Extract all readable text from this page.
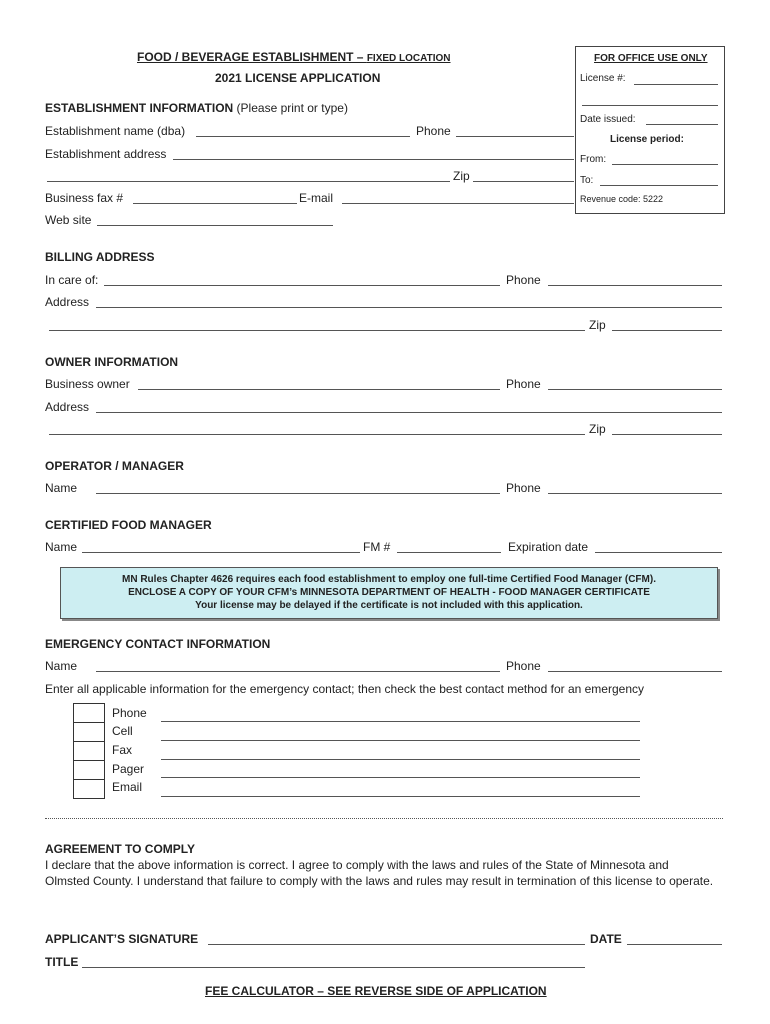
FOOD / BEVERAGE ESTABLISHMENT – FIXED LOCATION
2021 LICENSE APPLICATION
FOR OFFICE USE ONLY
License #:
Date issued:
License period:
From:
To:
Revenue code: 5222
ESTABLISHMENT INFORMATION (Please print or type)
Establishment name (dba)	Phone
Establishment address
Zip
Business fax #	E-mail
Web site
BILLING ADDRESS
In care of:	Phone
Address
Zip
OWNER INFORMATION
Business owner	Phone
Address
Zip
OPERATOR / MANAGER
Name	Phone
CERTIFIED FOOD MANAGER
Name	FM #	Expiration date
MN Rules Chapter 4626 requires each food establishment to employ one full-time Certified Food Manager (CFM).
ENCLOSE A COPY OF YOUR CFM’s MINNESOTA DEPARTMENT OF HEALTH - FOOD MANAGER CERTIFICATE
Your license may be delayed if the certificate is not included with this application.
EMERGENCY CONTACT INFORMATION
Name	Phone
Enter all applicable information for the emergency contact; then check the best contact method for an emergency
Phone
Cell
Fax
Pager
Email
AGREEMENT TO COMPLY
I declare that the above information is correct. I agree to comply with the laws and rules of the State of Minnesota and Olmsted County. I understand that failure to comply with the laws and rules may result in termination of this license to operate.
APPLICANT’S SIGNATURE	DATE
TITLE
FEE CALCULATOR – SEE REVERSE SIDE OF APPLICATION
